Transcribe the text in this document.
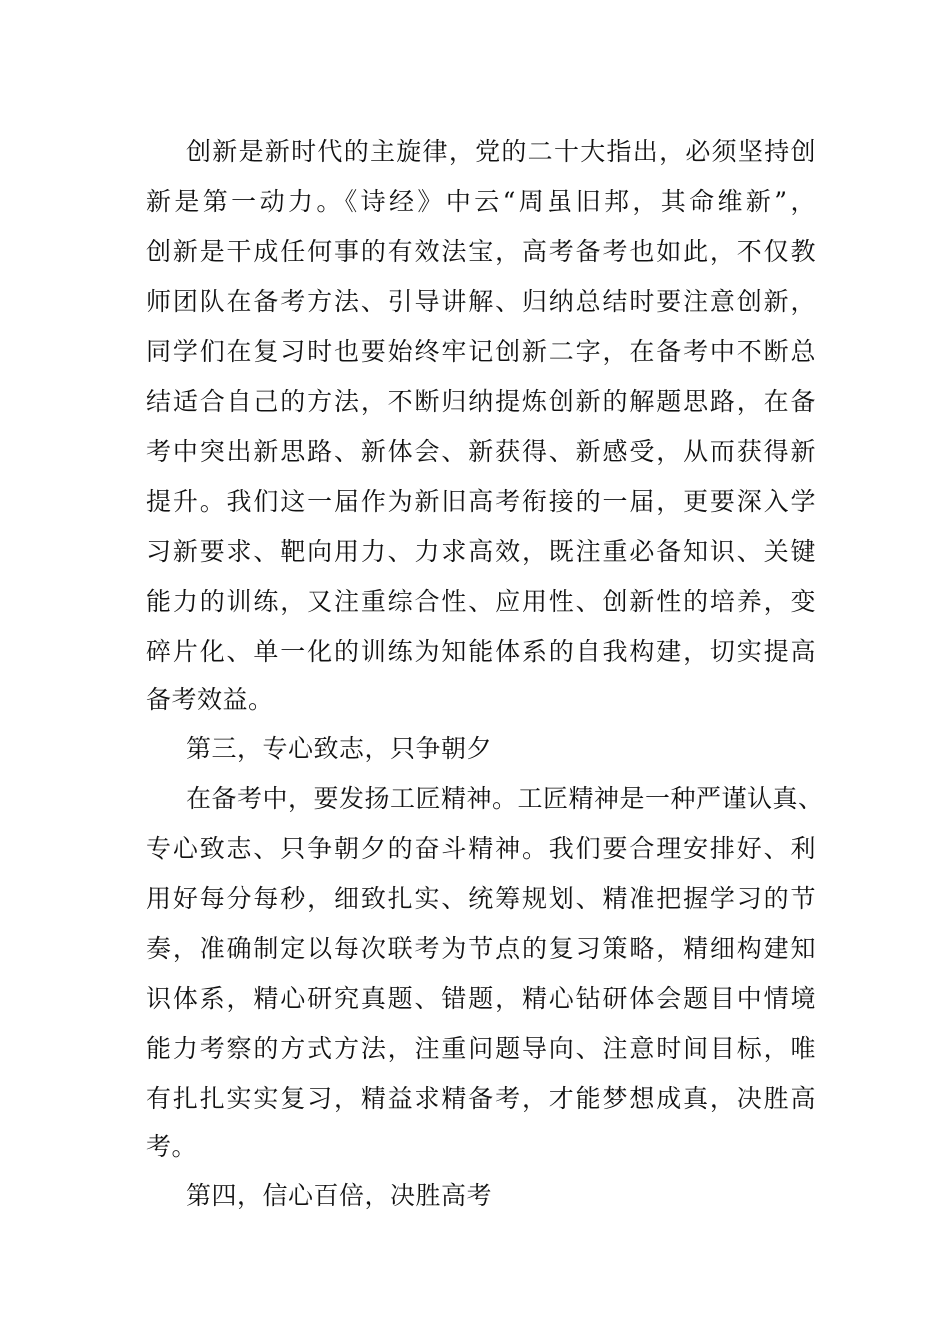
创新是新时代的主旋律，党的二十大指出，必须坚持创
新是第一动力。《诗经》中云“周虽旧邦，其命维新”，
创新是干成任何事的有效法宝，高考备考也如此，不仅教
师团队在备考方法、引导讲解、归纳总结时要注意创新，
同学们在复习时也要始终牢记创新二字，在备考中不断总
结适合自己的方法，不断归纳提炼创新的解题思路，在备
考中突出新思路、新体会、新获得、新感受，从而获得新
提升。我们这一届作为新旧高考衔接的一届，更要深入学
习新要求、靶向用力、力求高效，既注重必备知识、关键
能力的训练，又注重综合性、应用性、创新性的培养，变
碎片化、单一化的训练为知能体系的自我构建，切实提高
备考效益。
第三，专心致志，只争朝夕
在备考中，要发扬工匠精神。工匠精神是一种严谨认真、
专心致志、只争朝夕的奋斗精神。我们要合理安排好、利
用好每分每秒，细致扎实、统筹规划、精准把握学习的节
奏，准确制定以每次联考为节点的复习策略，精细构建知
识体系，精心研究真题、错题，精心钻研体会题目中情境
能力考察的方式方法，注重问题导向、注意时间目标，唯
有扎扎实实复习，精益求精备考，才能梦想成真，决胜高
考。
第四，信心百倍，决胜高考
